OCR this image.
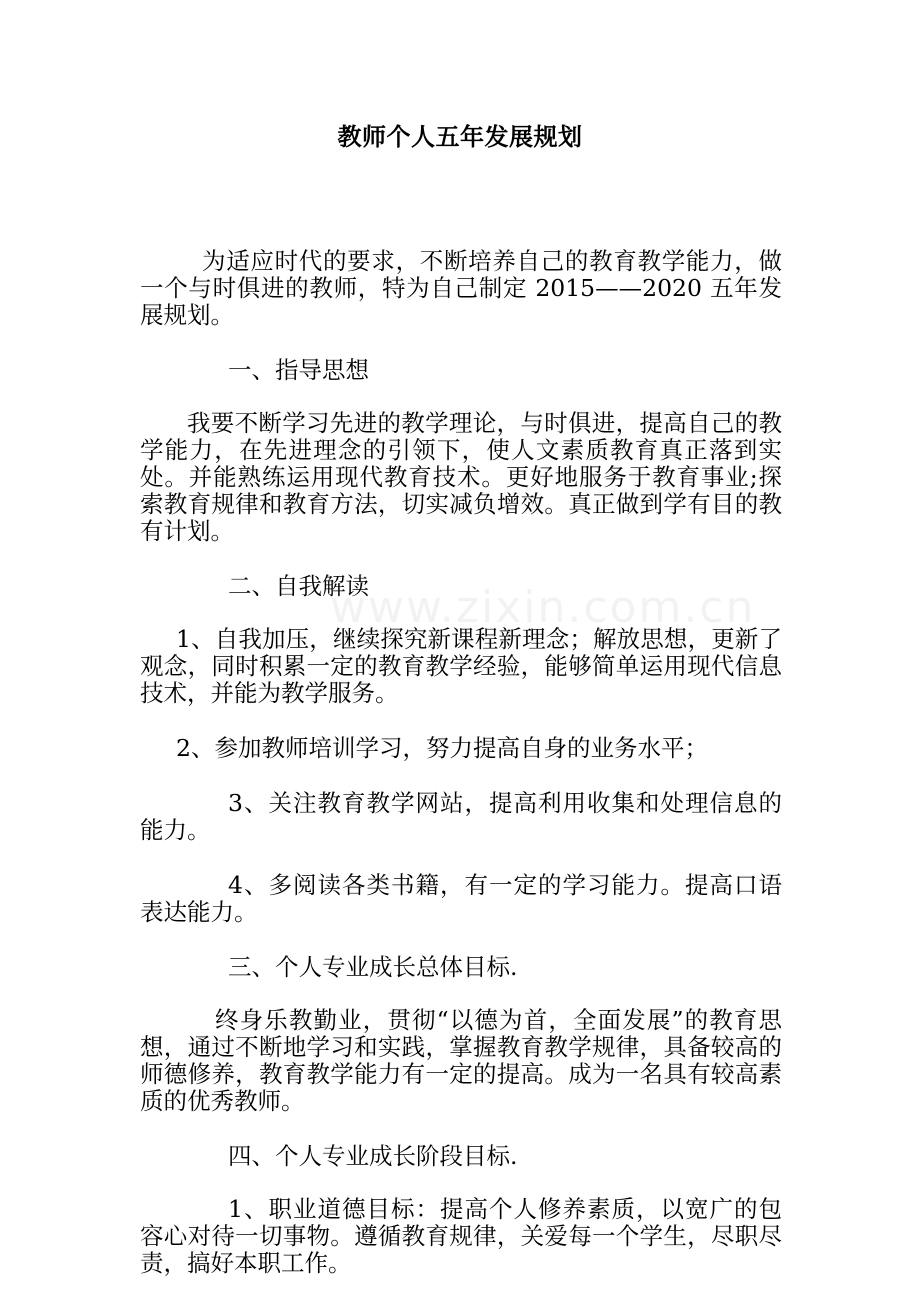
教师个人五年发展规划

为适应时代的要求，不断培养自己的教育教学能力，做一个与时俱进的教师，特为自己制定 2015——2020 五年发展规划。

一、指导思想

我要不断学习先进的教学理论，与时俱进，提高自己的教学能力，在先进理念的引领下，使人文素质教育真正落到实处。并能熟练运用现代教育技术。更好地服务于教育事业;探索教育规律和教育方法，切实减负增效。真正做到学有目的教有计划。

二、自我解读

1、自我加压，继续探究新课程新理念；解放思想，更新了观念，同时积累一定的教育教学经验，能够简单运用现代信息技术，并能为教学服务。

2、参加教师培训学习，努力提高自身的业务水平；

3、关注教育教学网站，提高利用收集和处理信息的能力。

4、多阅读各类书籍，有一定的学习能力。提高口语表达能力。

三、个人专业成长总体目标.

终身乐教勤业，贯彻“以德为首，全面发展”的教育思想，通过不断地学习和实践，掌握教育教学规律，具备较高的师德修养，教育教学能力有一定的提高。成为一名具有较高素质的优秀教师。

四、个人专业成长阶段目标.

1、职业道德目标：提高个人修养素质，以宽广的包容心对待一切事物。遵循教育规律，关爱每一个学生，尽职尽责，搞好本职工作。

www.zixin.com.cn
